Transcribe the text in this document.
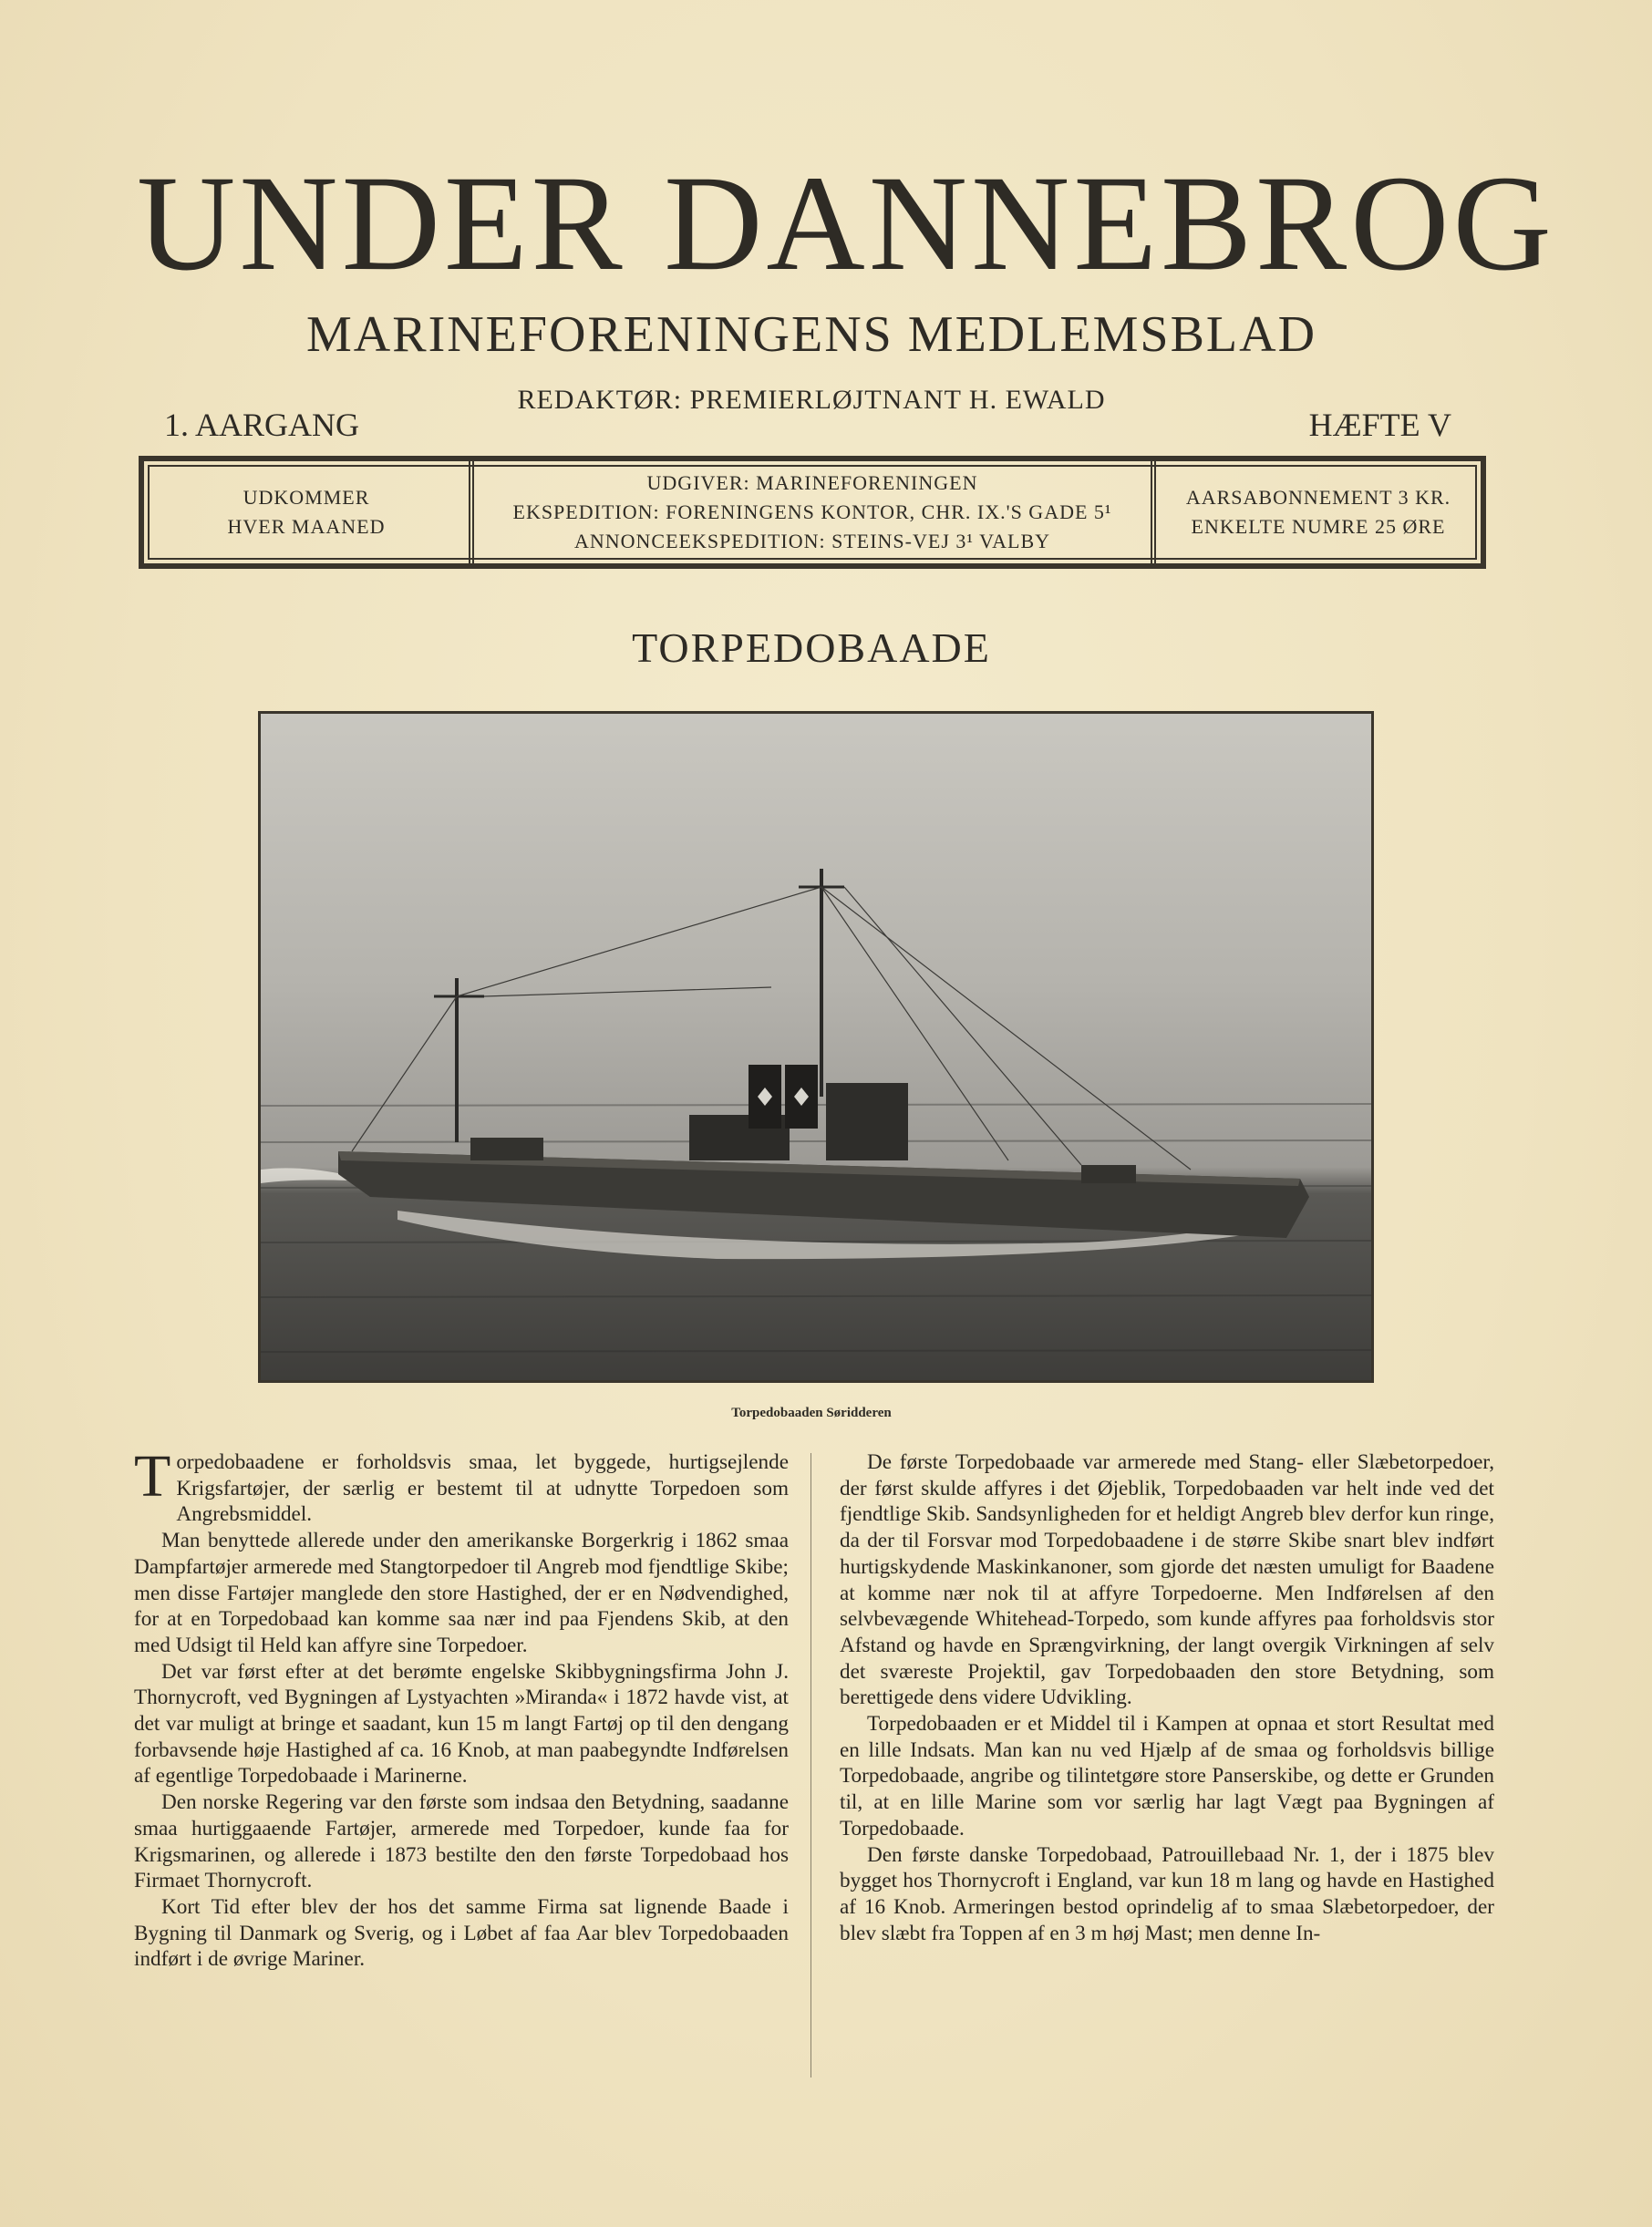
UNDER DANNEBROG
MARINEFORENINGENS MEDLEMSBLAD
REDAKTØR: PREMIERLØJTNANT H. EWALD
1. AARGANG	HÆFTE V
UDKOMMER
HVER MAANED
UDGIVER: MARINEFORENINGEN
EKSPEDITION: FORENINGENS KONTOR, CHR. IX.'S GADE 5¹
ANNONCEEKSPEDITION: STEINS-VEJ 3¹ VALBY
AARSABONNEMENT 3 KR.
ENKELTE NUMRE 25 ØRE
TORPEDOBAADE
Torpedobaaden Søridderen

Torpedobaadene er forholdsvis smaa, let byggede, hurtigsejlende Krigsfartøjer, der særlig er bestemt til at udnytte Torpedoen som Angrebsmiddel.

Man benyttede allerede under den amerikanske Borgerkrig i 1862 smaa Dampfartøjer armerede med Stangtorpedoer til Angreb mod fjendtlige Skibe; men disse Fartøjer manglede den store Hastighed, der er en Nødvendighed, for at en Torpedobaad kan komme saa nær ind paa Fjendens Skib, at den med Udsigt til Held kan affyre sine Torpedoer.

Det var først efter at det berømte engelske Skibbygningsfirma John J. Thornycroft, ved Bygningen af Lystyachten »Miranda« i 1872 havde vist, at det var muligt at bringe et saadant, kun 15 m langt Fartøj op til den dengang forbavsende høje Hastighed af ca. 16 Knob, at man paabegyndte Indførelsen af egentlige Torpedobaade i Marinerne.

Den norske Regering var den første som indsaa den Betydning, saadanne smaa hurtiggaaende Fartøjer, armerede med Torpedoer, kunde faa for Krigsmarinen, og allerede i 1873 bestilte den den første Torpedobaad hos Firmaet Thornycroft.

Kort Tid efter blev der hos det samme Firma sat lignende Baade i Bygning til Danmark og Sverig, og i Løbet af faa Aar blev Torpedobaaden indført i de øvrige Mariner.

De første Torpedobaade var armerede med Stang- eller Slæbetorpedoer, der først skulde affyres i det Øjeblik, Torpedobaaden var helt inde ved det fjendtlige Skib. Sandsynligheden for et heldigt Angreb blev derfor kun ringe, da der til Forsvar mod Torpedobaadene i de større Skibe snart blev indført hurtigskydende Maskinkanoner, som gjorde det næsten umuligt for Baadene at komme nær nok til at affyre Torpedoerne. Men Indførelsen af den selvbevægende Whitehead-Torpedo, som kunde affyres paa forholdsvis stor Afstand og havde en Sprængvirkning, der langt overgik Virkningen af selv det sværeste Projektil, gav Torpedobaaden den store Betydning, som berettigede dens videre Udvikling.

Torpedobaaden er et Middel til i Kampen at opnaa et stort Resultat med en lille Indsats. Man kan nu ved Hjælp af de smaa og forholdsvis billige Torpedobaade, angribe og tilintetgøre store Panserskibe, og dette er Grunden til, at en lille Marine som vor særlig har lagt Vægt paa Bygningen af Torpedobaade.

Den første danske Torpedobaad, Patrouillebaad Nr. 1, der i 1875 blev bygget hos Thornycroft i England, var kun 18 m lang og havde en Hastighed af 16 Knob. Armeringen bestod oprindelig af to smaa Slæbetorpedoer, der blev slæbt fra Toppen af en 3 m høj Mast; men denne In-
